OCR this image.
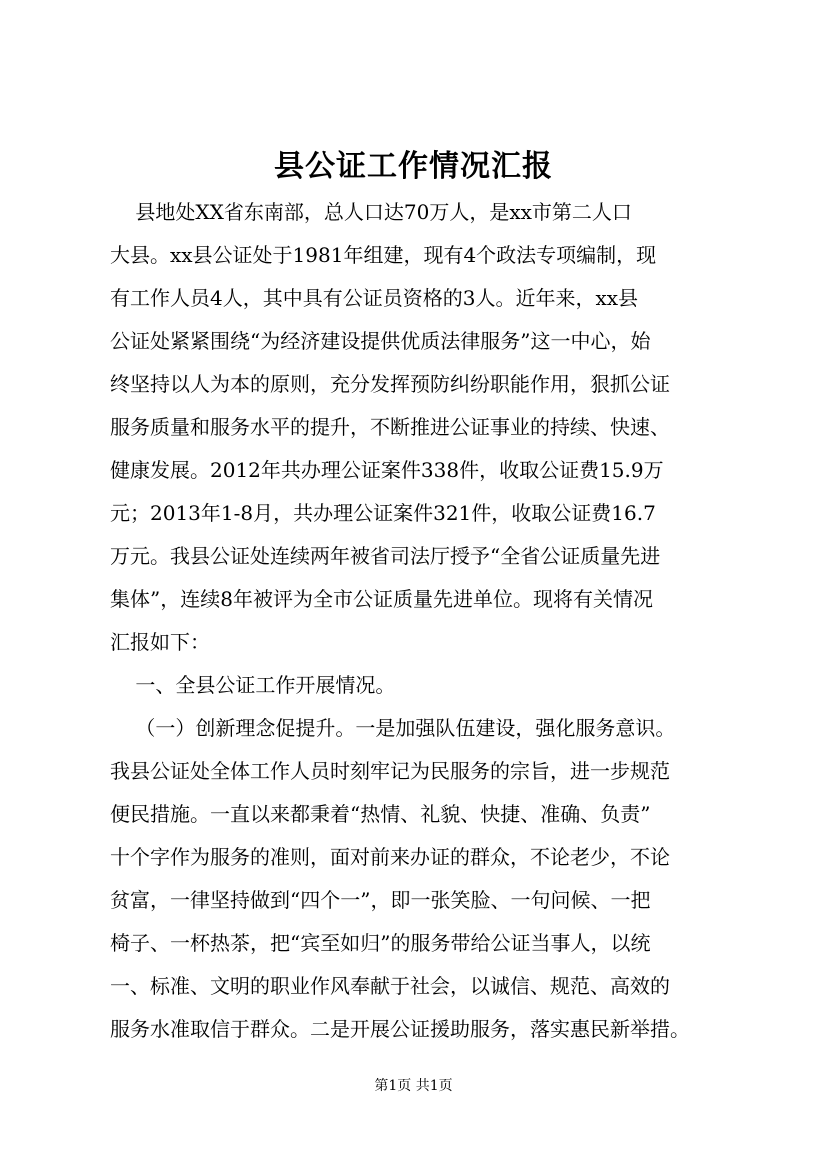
县公证工作情况汇报
县地处XX省东南部，总人口达70万人，是xx市第二人口
大县。xx县公证处于1981年组建，现有4个政法专项编制，现
有工作人员4人，其中具有公证员资格的3人。近年来，xx县
公证处紧紧围绕“为经济建设提供优质法律服务”这一中心，始
终坚持以人为本的原则，充分发挥预防纠纷职能作用，狠抓公证
服务质量和服务水平的提升，不断推进公证事业的持续、快速、
健康发展。2012年共办理公证案件338件，收取公证费15.9万
元；2013年1-8月，共办理公证案件321件，收取公证费16.7
万元。我县公证处连续两年被省司法厅授予“全省公证质量先进
集体”，连续8年被评为全市公证质量先进单位。现将有关情况
汇报如下：
一、全县公证工作开展情况。
（一）创新理念促提升。一是加强队伍建设，强化服务意识。
我县公证处全体工作人员时刻牢记为民服务的宗旨，进一步规范
便民措施。一直以来都秉着“热情、礼貌、快捷、准确、负责”
十个字作为服务的准则，面对前来办证的群众，不论老少，不论
贫富，一律坚持做到“四个一”，即一张笑脸、一句问候、一把
椅子、一杯热茶，把“宾至如归”的服务带给公证当事人，以统
一、标准、文明的职业作风奉献于社会，以诚信、规范、高效的
服务水准取信于群众。二是开展公证援助服务，落实惠民新举措。
第1页 共1页
